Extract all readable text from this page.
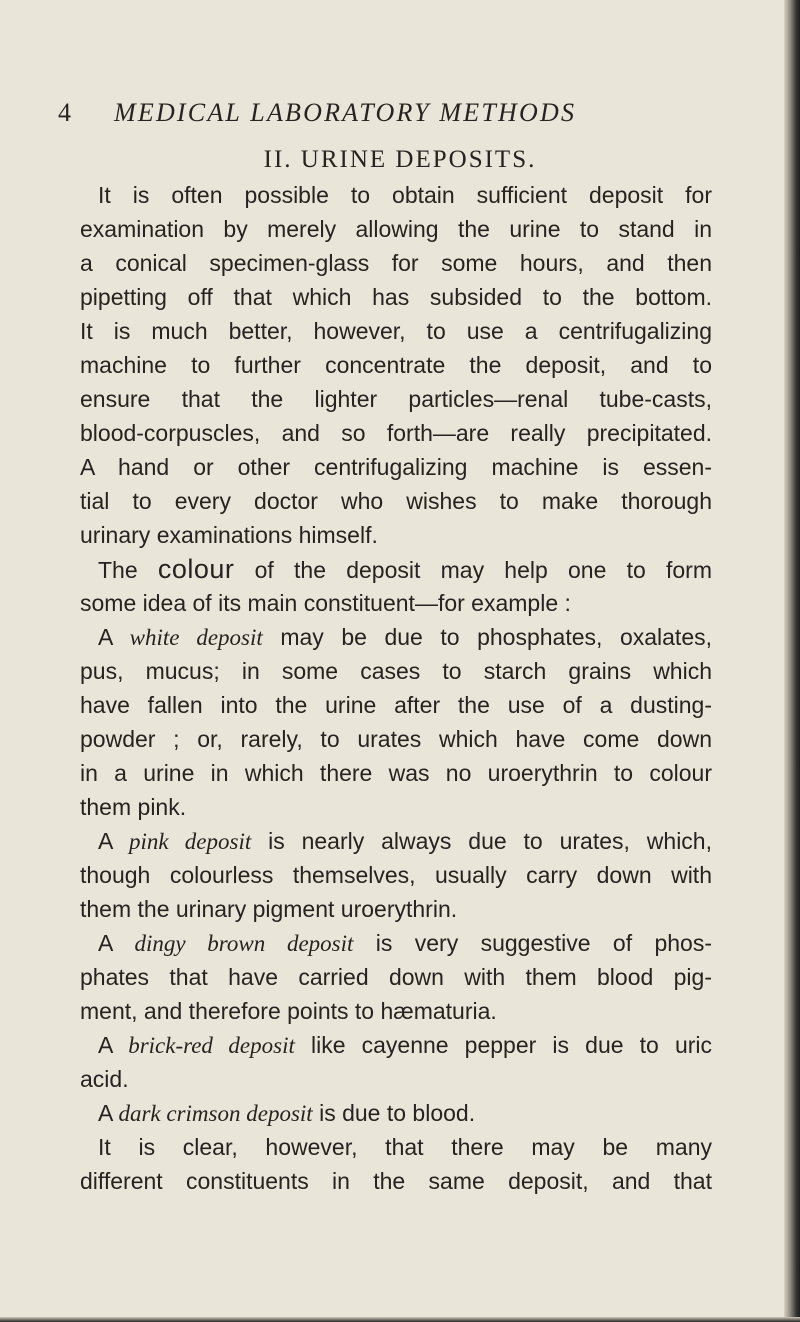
4 MEDICAL LABORATORY METHODS
II. URINE DEPOSITS.
It is often possible to obtain sufficient deposit for
examination by merely allowing the urine to stand in
a conical specimen-glass for some hours, and then
pipetting off that which has subsided to the bottom.
It is much better, however, to use a centrifugalizing
machine to further concentrate the deposit, and to
ensure that the lighter particles—renal tube-casts,
blood-corpuscles, and so forth—are really precipitated.
A hand or other centrifugalizing machine is essen-
tial to every doctor who wishes to make thorough
urinary examinations himself.
The colour of the deposit may help one to form
some idea of its main constituent—for example :
A white deposit may be due to phosphates, oxalates,
pus, mucus; in some cases to starch grains which
have fallen into the urine after the use of a dusting-
powder ; or, rarely, to urates which have come down
in a urine in which there was no uroerythrin to colour
them pink.
A pink deposit is nearly always due to urates, which,
though colourless themselves, usually carry down with
them the urinary pigment uroerythrin.
A dingy brown deposit is very suggestive of phos-
phates that have carried down with them blood pig-
ment, and therefore points to hæmaturia.
A brick-red deposit like cayenne pepper is due to uric
acid.
A dark crimson deposit is due to blood.
It is clear, however, that there may be many
different constituents in the same deposit, and that
